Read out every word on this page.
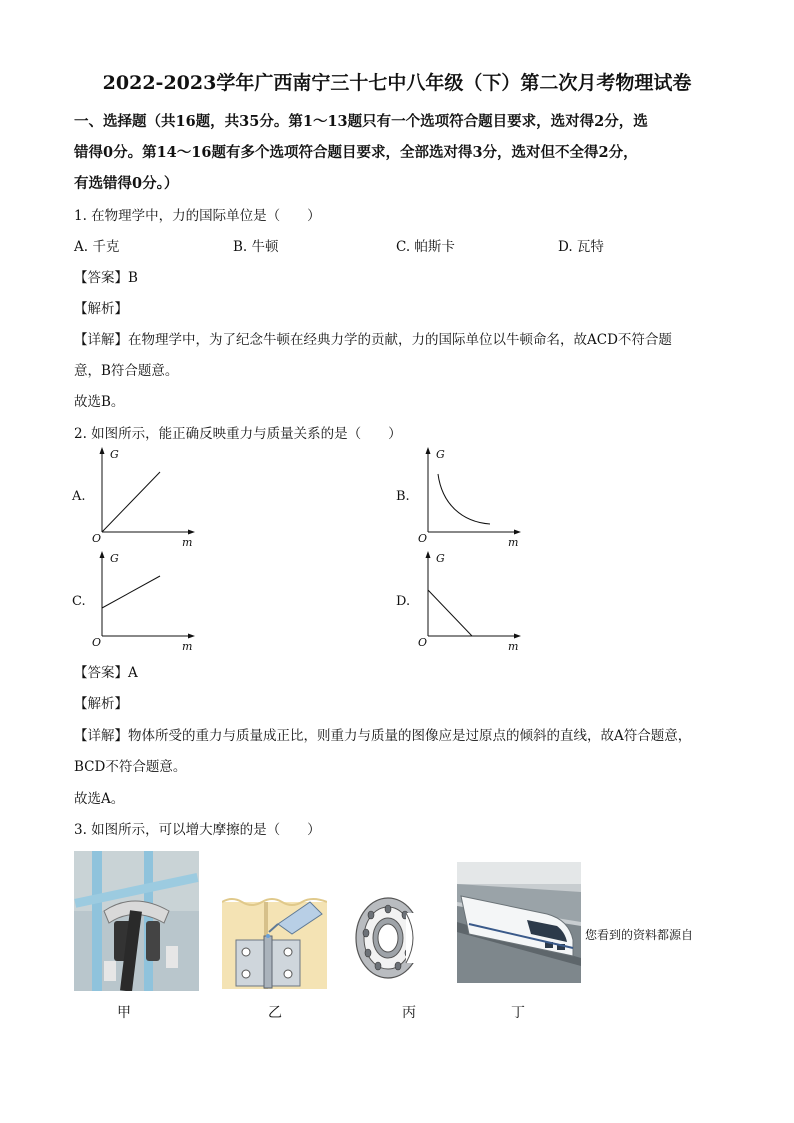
2022-2023学年广西南宁三十七中八年级（下）第二次月考物理试卷
一、选择题（共16题，共35分。第1～13题只有一个选项符合题目要求，选对得2分，选
错得0分。第14～16题有多个选项符合题目要求，全部选对得3分，选对但不全得2分，
有选错得0分。）
1. 在物理学中，力的国际单位是（　　）
A. 千克	B. 牛顿	C. 帕斯卡	D. 瓦特
【答案】B
【解析】
【详解】在物理学中，为了纪念牛顿在经典力学的贡献，力的国际单位以牛顿命名，故ACD不符合题
意，B符合题意。
故选B。
2. 如图所示，能正确反映重力与质量关系的是（　　）
A.
G
m
O
B.
G
m
O
C.
G
m
O
D.
G
m
O
【答案】A
【解析】
【详解】物体所受的重力与质量成正比，则重力与质量的图像应是过原点的倾斜的直线，故A符合题意，
BCD不符合题意。
故选A。
3. 如图所示，可以增大摩擦的是（　　）
您看到的资料都源自
甲	乙	丙	丁
